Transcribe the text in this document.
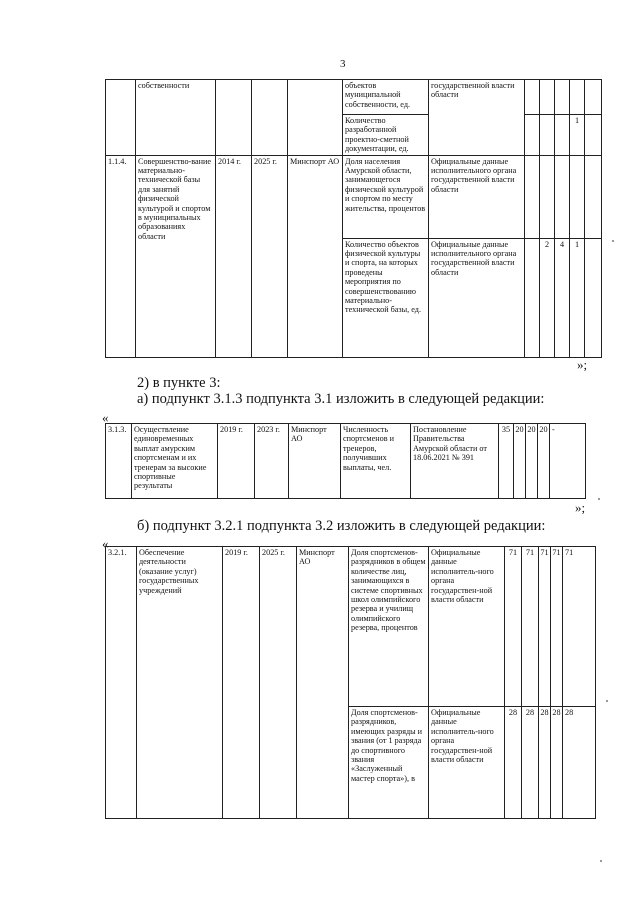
3
	собственности				объектов муниципальной собственности, ед.	государственной власти области					
					Количество разработанной проектно-сметной документации, ед.					1	
1.1.4.	Совершенство-вание материально-технической базы для занятий физической культурой и спортом в муниципальных образованиях области	2014 г.	2025 г.	Минспорт АО	Доля населения Амурской области, занимающегося физической культурой и спортом по месту жительства, процентов	Официальные данные исполнительного органа государственной власти области					
					Количество объектов физической культуры и спорта, на которых проведены мероприятия по совершенствованию материально-технической базы, ед.	Официальные данные исполнительного органа государственной власти области		2	4	1	
»;
2) в пункте 3:
а) подпункт 3.1.3 подпункта 3.1 изложить в следующей редакции:
«
3.1.3.	Осуществление единовременных выплат амурским спортсменам и их тренерам за высокие спортивные результаты	2019 г.	2023 г.	Минспорт АО	Численность спортсменов и тренеров, получивших выплаты, чел.	Постановление Правительства Амурской области от 18.06.2021 № 391	35	20	20	20	-
»;
б) подпункт 3.2.1 подпункта 3.2 изложить в следующей редакции:
«
3.2.1.	Обеспечение деятельности (оказание услуг) государственных учреждений	2019 г.	2025 г.	Минспорт АО	Доля спортсменов-разрядников в общем количестве лиц, занимающихся в системе спортивных школ олимпийского резерва и училищ олимпийского резерва, процентов	Официальные данные исполнитель-ного органа государствен-ной власти области	71	71	71	71	71
					Доля спортсменов-разрядников, имеющих разряды и звания (от 1 разряда до спортивного звания «Заслуженный мастер спорта»), в	Официальные данные исполнитель-ного органа государствен-ной власти области	28	28	28	28	28
